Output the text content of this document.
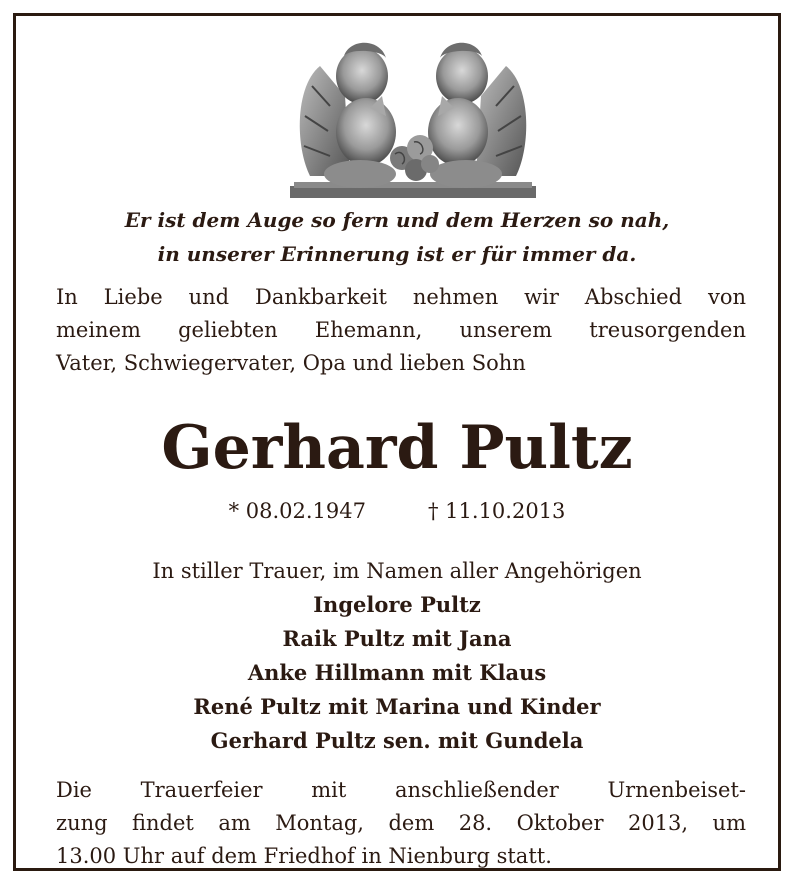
Er ist dem Auge so fern und dem Herzen so nah,
in unserer Erinnerung ist er für immer da.
In Liebe und Dankbarkeit nehmen wir Abschied von
meinem geliebten Ehemann, unserem treusorgenden
Vater, Schwiegervater, Opa und lieben Sohn
Gerhard Pultz
* 08.02.1947	† 11.10.2013
In stiller Trauer, im Namen aller Angehörigen
Ingelore Pultz
Raik Pultz mit Jana
Anke Hillmann mit Klaus
René Pultz mit Marina und Kinder
Gerhard Pultz sen. mit Gundela
Die Trauerfeier mit anschließender Urnenbeiset-
zung findet am Montag, dem 28. Oktober 2013, um
13.00 Uhr auf dem Friedhof in Nienburg statt.
